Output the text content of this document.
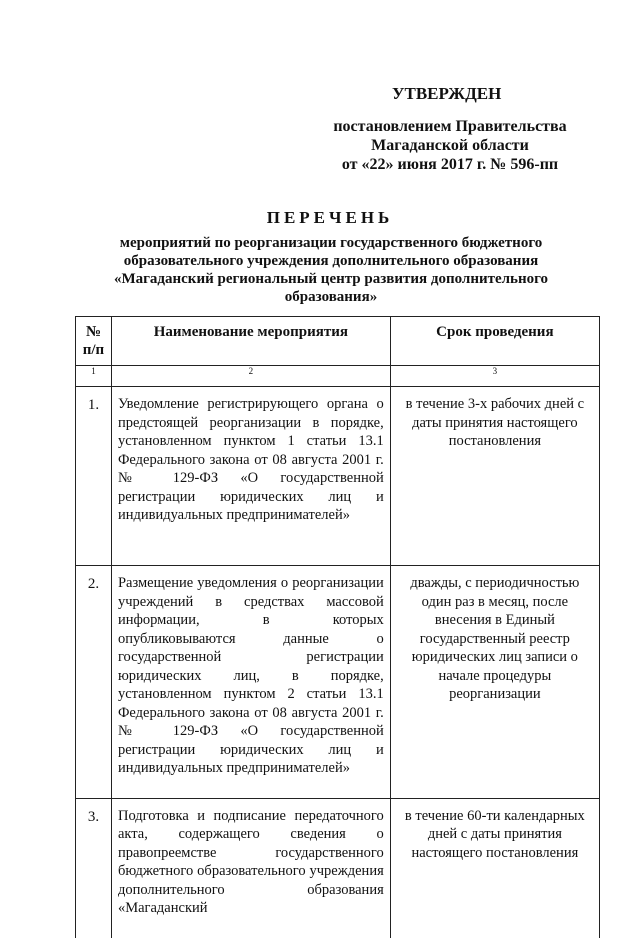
УТВЕРЖДЕН
постановлением Правительства
Магаданской области
от «22» июня 2017 г. № 596-пп
ПЕРЕЧЕНЬ
мероприятий по реорганизации государственного бюджетного
образовательного учреждения дополнительного образования
«Магаданский региональный центр развития дополнительного
образования»
№ п/п	Наименование мероприятия	Срок проведения
1	2	3
1.	Уведомление регистрирующего органа о предстоящей реорганизации в порядке, установленном пунктом 1 статьи 13.1 Федерального закона от 08 августа 2001 г. № 129-ФЗ «О государственной регистрации юридических лиц и индивидуальных предпринимателей»	в течение 3-х рабочих дней с даты принятия настоящего постановления
2.	Размещение уведомления о реорганизации учреждений в средствах массовой информации, в которых опубликовываются данные о государственной регистрации юридических лиц, в порядке, установленном пунктом 2 статьи 13.1 Федерального закона от 08 августа 2001 г. № 129-ФЗ «О государственной регистрации юридических лиц и индивидуальных предпринимателей»	дважды, с периодичностью один раз в месяц, после внесения в Единый государственный реестр юридических лиц записи о начале процедуры реорганизации
3.	Подготовка и подписание передаточного акта, содержащего сведения о правопреемстве государственного бюджетного образовательного учреждения дополнительного образования «Магаданский	в течение 60-ти календарных дней с даты принятия настоящего постановления
